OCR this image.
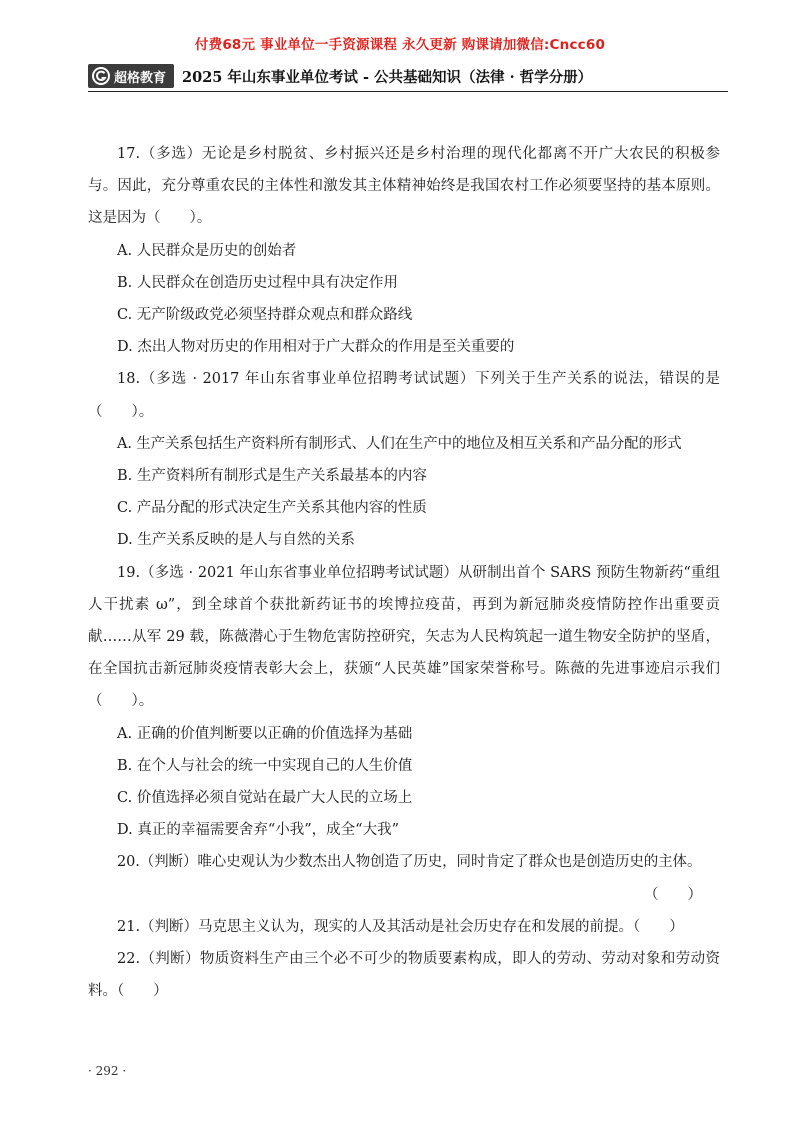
付费68元 事业单位一手资源课程 永久更新 购课请加微信:Cncc60
超格教育 2025 年山东事业单位考试 - 公共基础知识（法律 · 哲学分册）

17.（多选）无论是乡村脱贫、乡村振兴还是乡村治理的现代化都离不开广大农民的积极参与。因此，充分尊重农民的主体性和激发其主体精神始终是我国农村工作必须要坚持的基本原则。这是因为（　　）。

A. 人民群众是历史的创始者

B. 人民群众在创造历史过程中具有决定作用

C. 无产阶级政党必须坚持群众观点和群众路线

D. 杰出人物对历史的作用相对于广大群众的作用是至关重要的

18.（多选 · 2017 年山东省事业单位招聘考试试题）下列关于生产关系的说法，错误的是（　　）。

A. 生产关系包括生产资料所有制形式、人们在生产中的地位及相互关系和产品分配的形式

B. 生产资料所有制形式是生产关系最基本的内容

C. 产品分配的形式决定生产关系其他内容的性质

D. 生产关系反映的是人与自然的关系

19.（多选 · 2021 年山东省事业单位招聘考试试题）从研制出首个 SARS 预防生物新药“重组人干扰素 ω”，到全球首个获批新药证书的埃博拉疫苗，再到为新冠肺炎疫情防控作出重要贡献……从军 29 载，陈薇潜心于生物危害防控研究，矢志为人民构筑起一道生物安全防护的坚盾，在全国抗击新冠肺炎疫情表彰大会上，获颁“人民英雄”国家荣誉称号。陈薇的先进事迹启示我们（　　）。

A. 正确的价值判断要以正确的价值选择为基础

B. 在个人与社会的统一中实现自己的人生价值

C. 价值选择必须自觉站在最广大人民的立场上

D. 真正的幸福需要舍弃“小我”，成全“大我”

20.（判断）唯心史观认为少数杰出人物创造了历史，同时肯定了群众也是创造历史的主体。

（　　）

21.（判断）马克思主义认为，现实的人及其活动是社会历史存在和发展的前提。（　　）

22.（判断）物质资料生产由三个必不可少的物质要素构成，即人的劳动、劳动对象和劳动资料。（　　）

· 292 ·
